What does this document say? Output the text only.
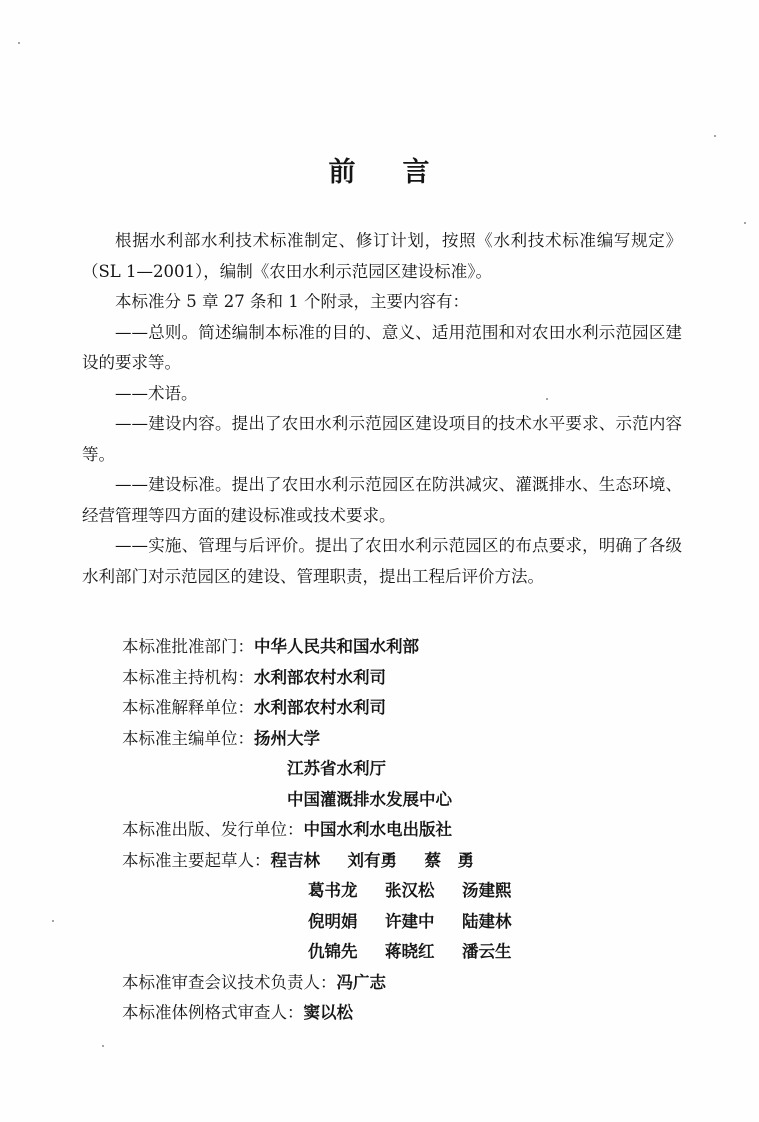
前 言

根据水利部水利技术标准制定、修订计划，按照《水利技术标准编写规定》（SL 1—2001），编制《农田水利示范园区建设标准》。

本标准分 5 章 27 条和 1 个附录，主要内容有：

——总则。简述编制本标准的目的、意义、适用范围和对农田水利示范园区建设的要求等。

——术语。

——建设内容。提出了农田水利示范园区建设项目的技术水平要求、示范内容等。

——建设标准。提出了农田水利示范园区在防洪减灾、灌溉排水、生态环境、经营管理等四方面的建设标准或技术要求。

——实施、管理与后评价。提出了农田水利示范园区的布点要求，明确了各级水利部门对示范园区的建设、管理职责，提出工程后评价方法。

本标准批准部门： 中华人民共和国水利部
本标准主持机构： 水利部农村水利司
本标准解释单位： 水利部农村水利司
本标准主编单位： 扬州大学
江苏省水利厅
中国灌溉排水发展中心
本标准出版、发行单位： 中国水利水电出版社
本标准主要起草人： 程吉林	刘有勇	蔡　勇
葛书龙	张汉松	汤建熙
倪明娟	许建中	陆建林
仇锦先	蒋晓红	潘云生
本标准审查会议技术负责人： 冯广志
本标准体例格式审查人： 窦以松
